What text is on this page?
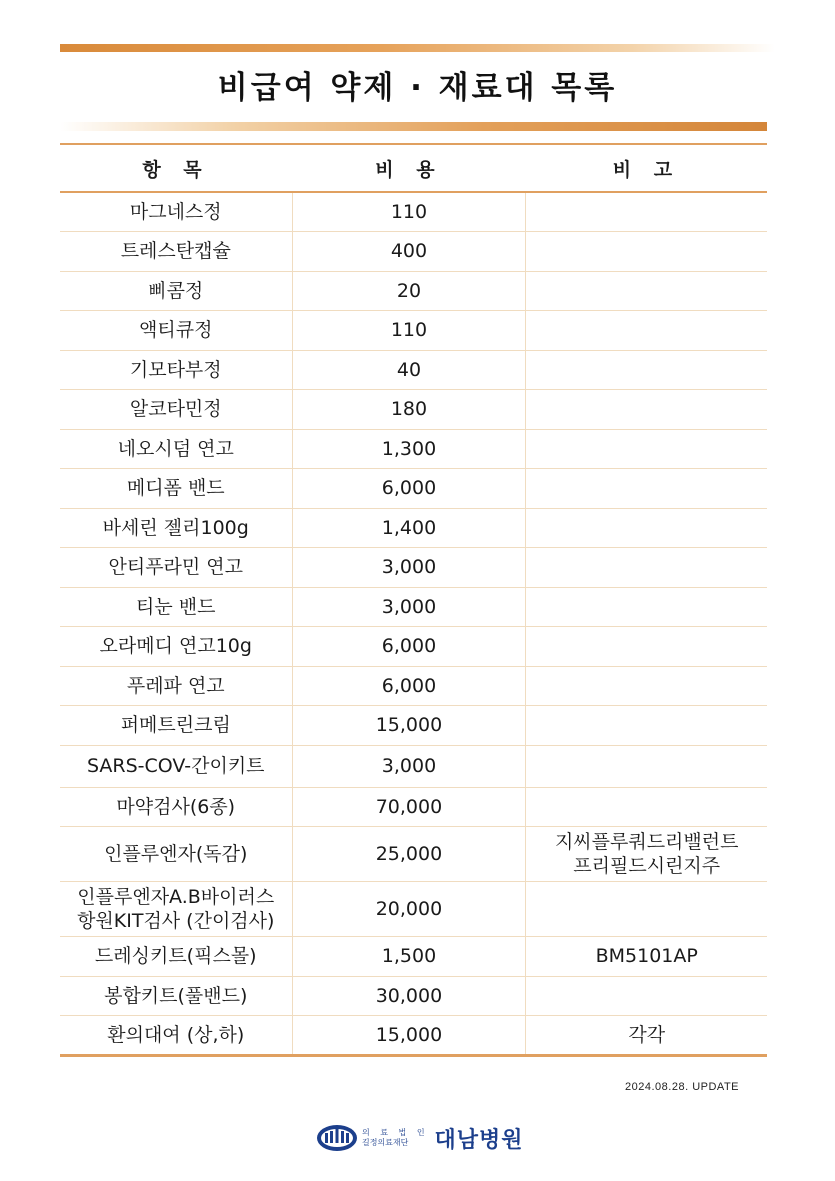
비급여 약제 · 재료대 목록
항 목	비 용	비 고
마그네스정	110	
트레스탄캡슐	400	
삐콤정	20	
액티큐정	110	
기모타부정	40	
알코타민정	180	
네오시덤 연고	1,300	
메디폼 밴드	6,000	
바세린 젤리100g	1,400	
안티푸라민 연고	3,000	
티눈 밴드	3,000	
오라메디 연고10g	6,000	
푸레파 연고	6,000	
퍼메트린크림	15,000	
SARS-COV-간이키트	3,000	
마약검사(6종)	70,000	
인플루엔자(독감)	25,000	지씨플루쿼드리밸런트
프리필드시린지주
인플루엔자A.B바이러스
항원KIT검사 (간이검사)	20,000	
드레싱키트(픽스몰)	1,500	BM5101AP
봉합키트(풀밴드)	30,000	
환의대여 (상,하)	15,000	각각
2024.08.28. UPDATE
의 료 법 인
길정의료재단	대남병원
